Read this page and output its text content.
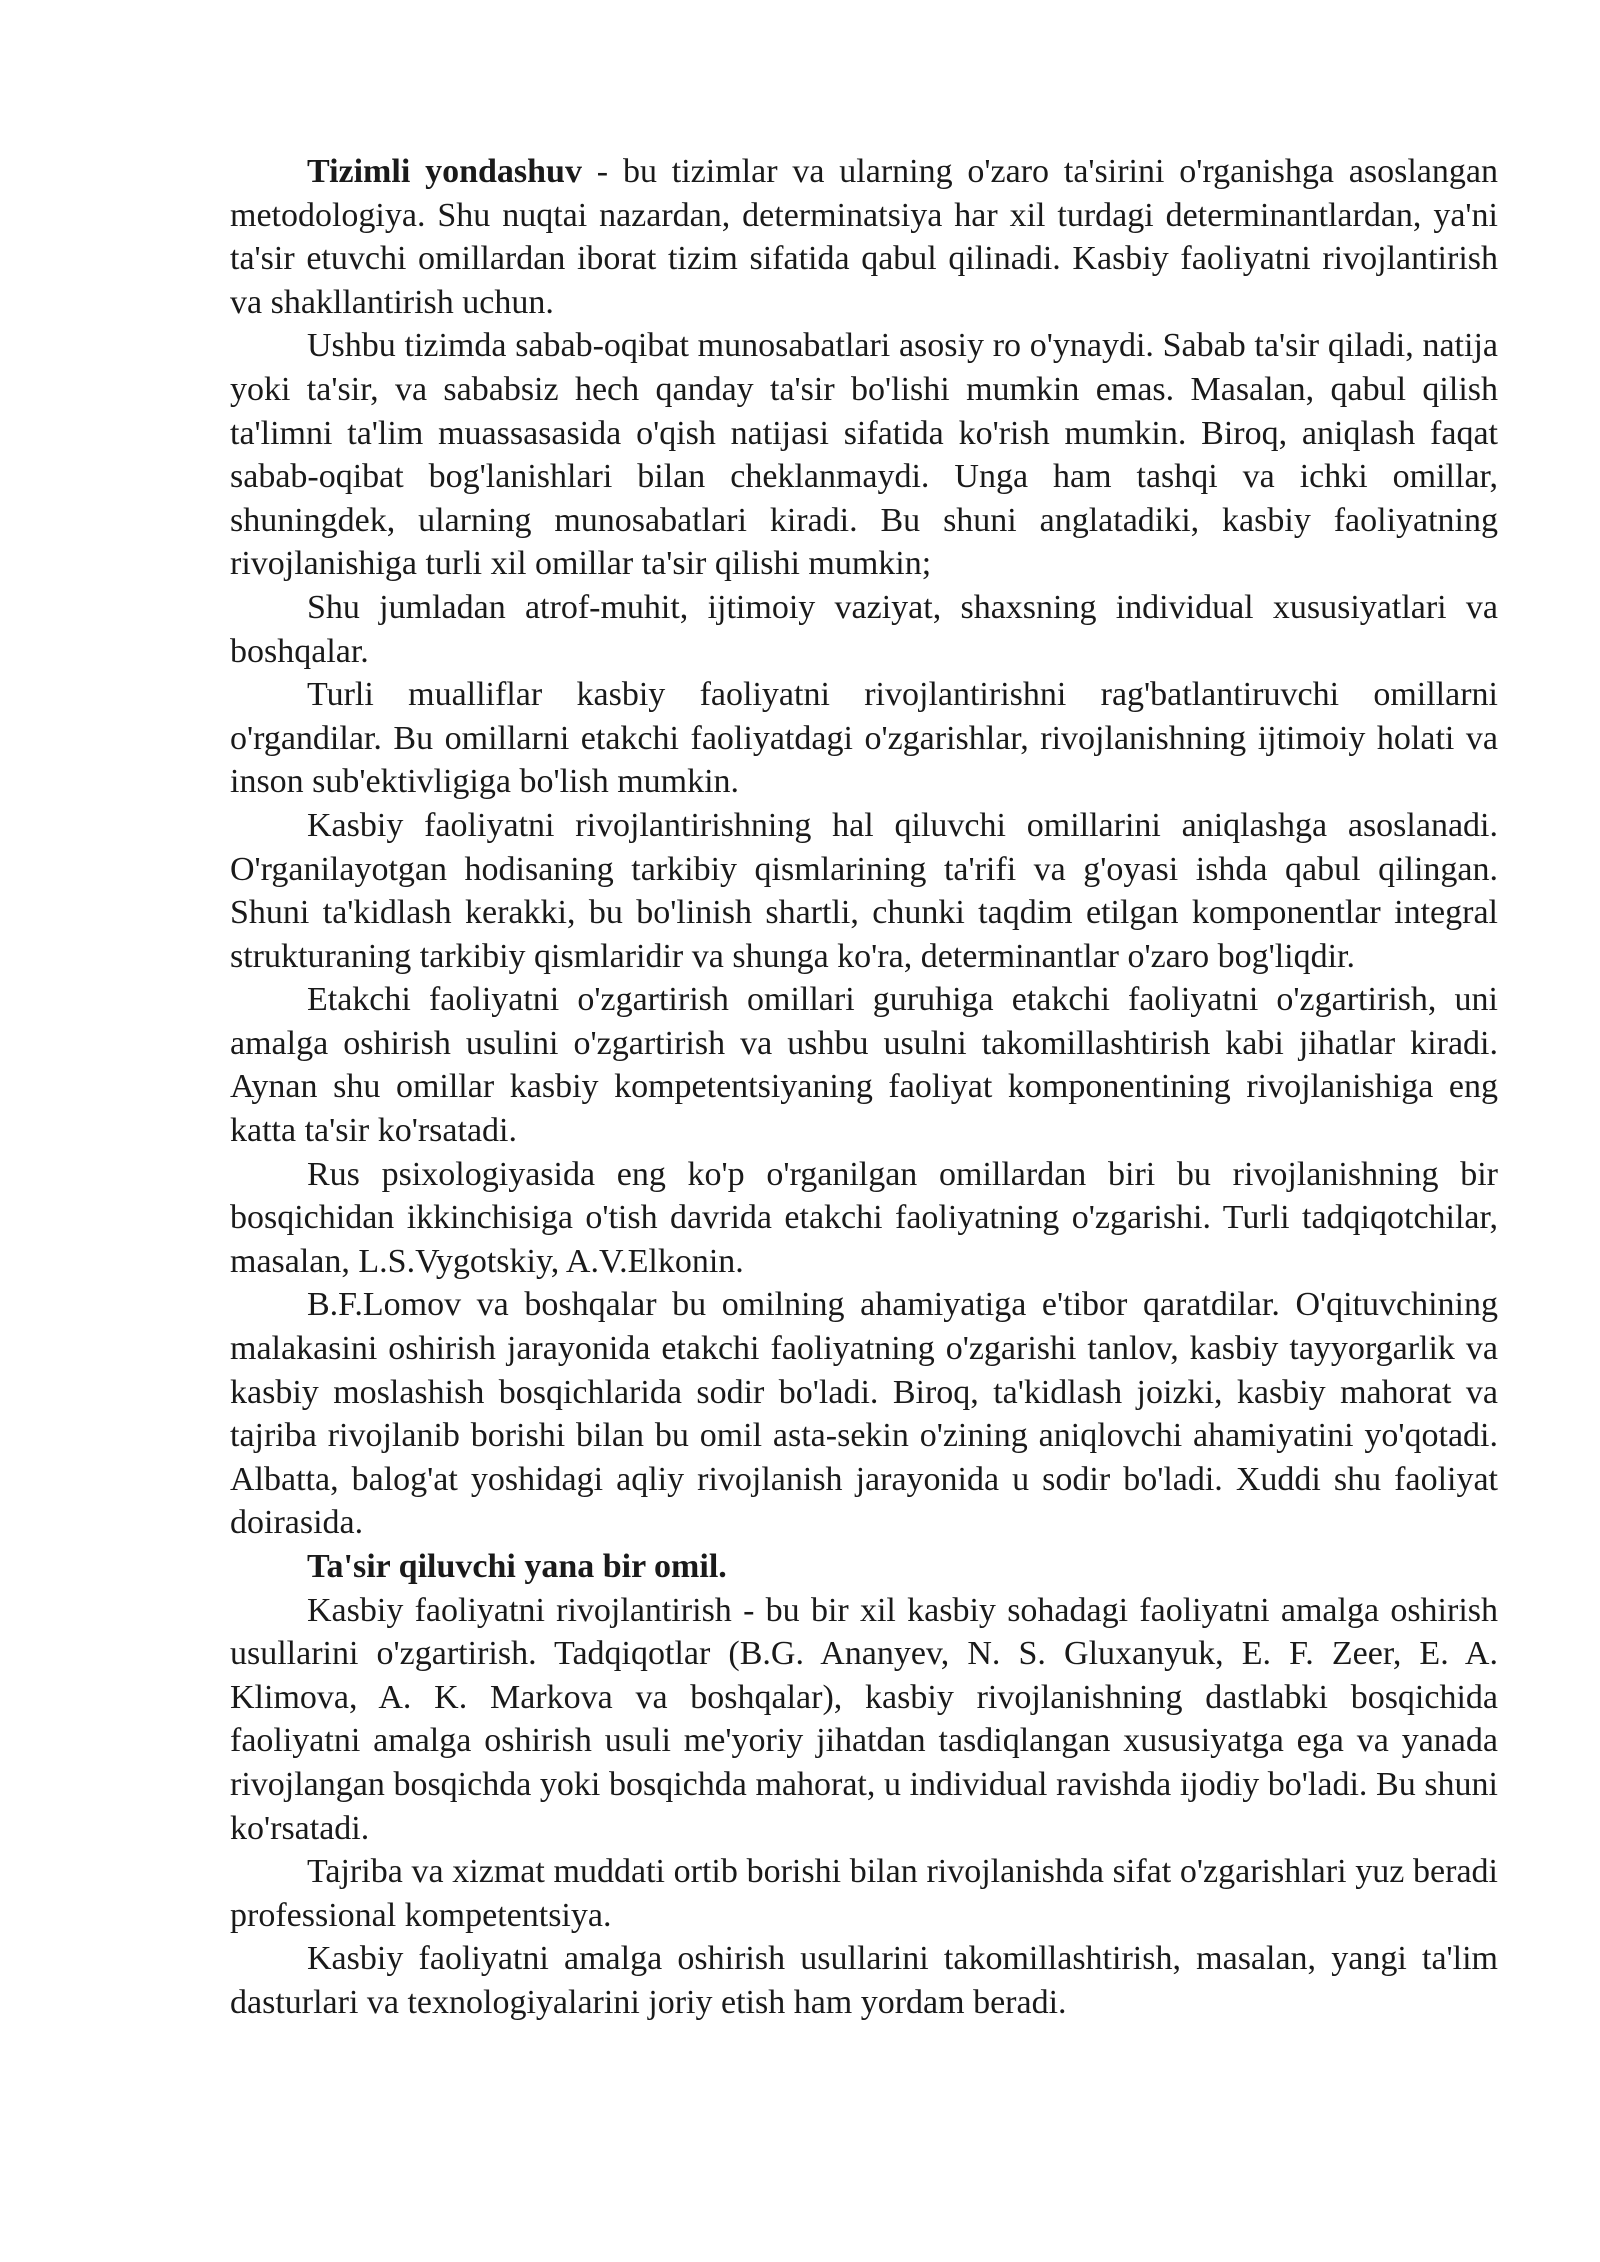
Tizimli yondashuv - bu tizimlar va ularning o'zaro ta'sirini o'rganishga asoslangan metodologiya. Shu nuqtai nazardan, determinatsiya har xil turdagi determinantlardan, ya'ni ta'sir etuvchi omillardan iborat tizim sifatida qabul qilinadi. Kasbiy faoliyatni rivojlantirish va shakllantirish uchun.

Ushbu tizimda sabab-oqibat munosabatlari asosiy ro o'ynaydi. Sabab ta'sir qiladi, natija yoki ta'sir, va sababsiz hech qanday ta'sir bo'lishi mumkin emas. Masalan, qabul qilish ta'limni ta'lim muassasasida o'qish natijasi sifatida ko'rish mumkin. Biroq, aniqlash faqat sabab-oqibat bog'lanishlari bilan cheklanmaydi. Unga ham tashqi va ichki omillar, shuningdek, ularning munosabatlari kiradi. Bu shuni anglatadiki, kasbiy faoliyatning rivojlanishiga turli xil omillar ta'sir qilishi mumkin;

Shu jumladan atrof-muhit, ijtimoiy vaziyat, shaxsning individual xususiyatlari va boshqalar.

Turli mualliflar kasbiy faoliyatni rivojlantirishni rag'batlantiruvchi omillarni o'rgandilar. Bu omillarni etakchi faoliyatdagi o'zgarishlar, rivojlanishning ijtimoiy holati va inson sub'ektivligiga bo'lish mumkin.

Kasbiy faoliyatni rivojlantirishning hal qiluvchi omillarini aniqlashga asoslanadi. O'rganilayotgan hodisaning tarkibiy qismlarining ta'rifi va g'oyasi ishda qabul qilingan. Shuni ta'kidlash kerakki, bu bo'linish shartli, chunki taqdim etilgan komponentlar integral strukturaning tarkibiy qismlaridir va shunga ko'ra, determinantlar o'zaro bog'liqdir.

Etakchi faoliyatni o'zgartirish omillari guruhiga etakchi faoliyatni o'zgartirish, uni amalga oshirish usulini o'zgartirish va ushbu usulni takomillashtirish kabi jihatlar kiradi. Aynan shu omillar kasbiy kompetentsiyaning faoliyat komponentining rivojlanishiga eng katta ta'sir ko'rsatadi.

Rus psixologiyasida eng ko'p o'rganilgan omillardan biri bu rivojlanishning bir bosqichidan ikkinchisiga o'tish davrida etakchi faoliyatning o'zgarishi. Turli tadqiqotchilar, masalan, L.S.Vygotskiy, A.V.Elkonin.

B.F.Lomov va boshqalar bu omilning ahamiyatiga e'tibor qaratdilar. O'qituvchining malakasini oshirish jarayonida etakchi faoliyatning o'zgarishi tanlov, kasbiy tayyorgarlik va kasbiy moslashish bosqichlarida sodir bo'ladi. Biroq, ta'kidlash joizki, kasbiy mahorat va tajriba rivojlanib borishi bilan bu omil asta-sekin o'zining aniqlovchi ahamiyatini yo'qotadi. Albatta, balog'at yoshidagi aqliy rivojlanish jarayonida u sodir bo'ladi. Xuddi shu faoliyat doirasida.

Ta'sir qiluvchi yana bir omil.

Kasbiy faoliyatni rivojlantirish - bu bir xil kasbiy sohadagi faoliyatni amalga oshirish usullarini o'zgartirish. Tadqiqotlar (B.G. Ananyev, N. S. Gluxanyuk, E. F. Zeer, E. A. Klimova, A. K. Markova va boshqalar), kasbiy rivojlanishning dastlabki bosqichida faoliyatni amalga oshirish usuli me'yoriy jihatdan tasdiqlangan xususiyatga ega va yanada rivojlangan bosqichda yoki bosqichda mahorat, u individual ravishda ijodiy bo'ladi. Bu shuni ko'rsatadi.

Tajriba va xizmat muddati ortib borishi bilan rivojlanishda sifat o'zgarishlari yuz beradi professional kompetentsiya.

Kasbiy faoliyatni amalga oshirish usullarini takomillashtirish, masalan, yangi ta'lim dasturlari va texnologiyalarini joriy etish ham yordam beradi.
